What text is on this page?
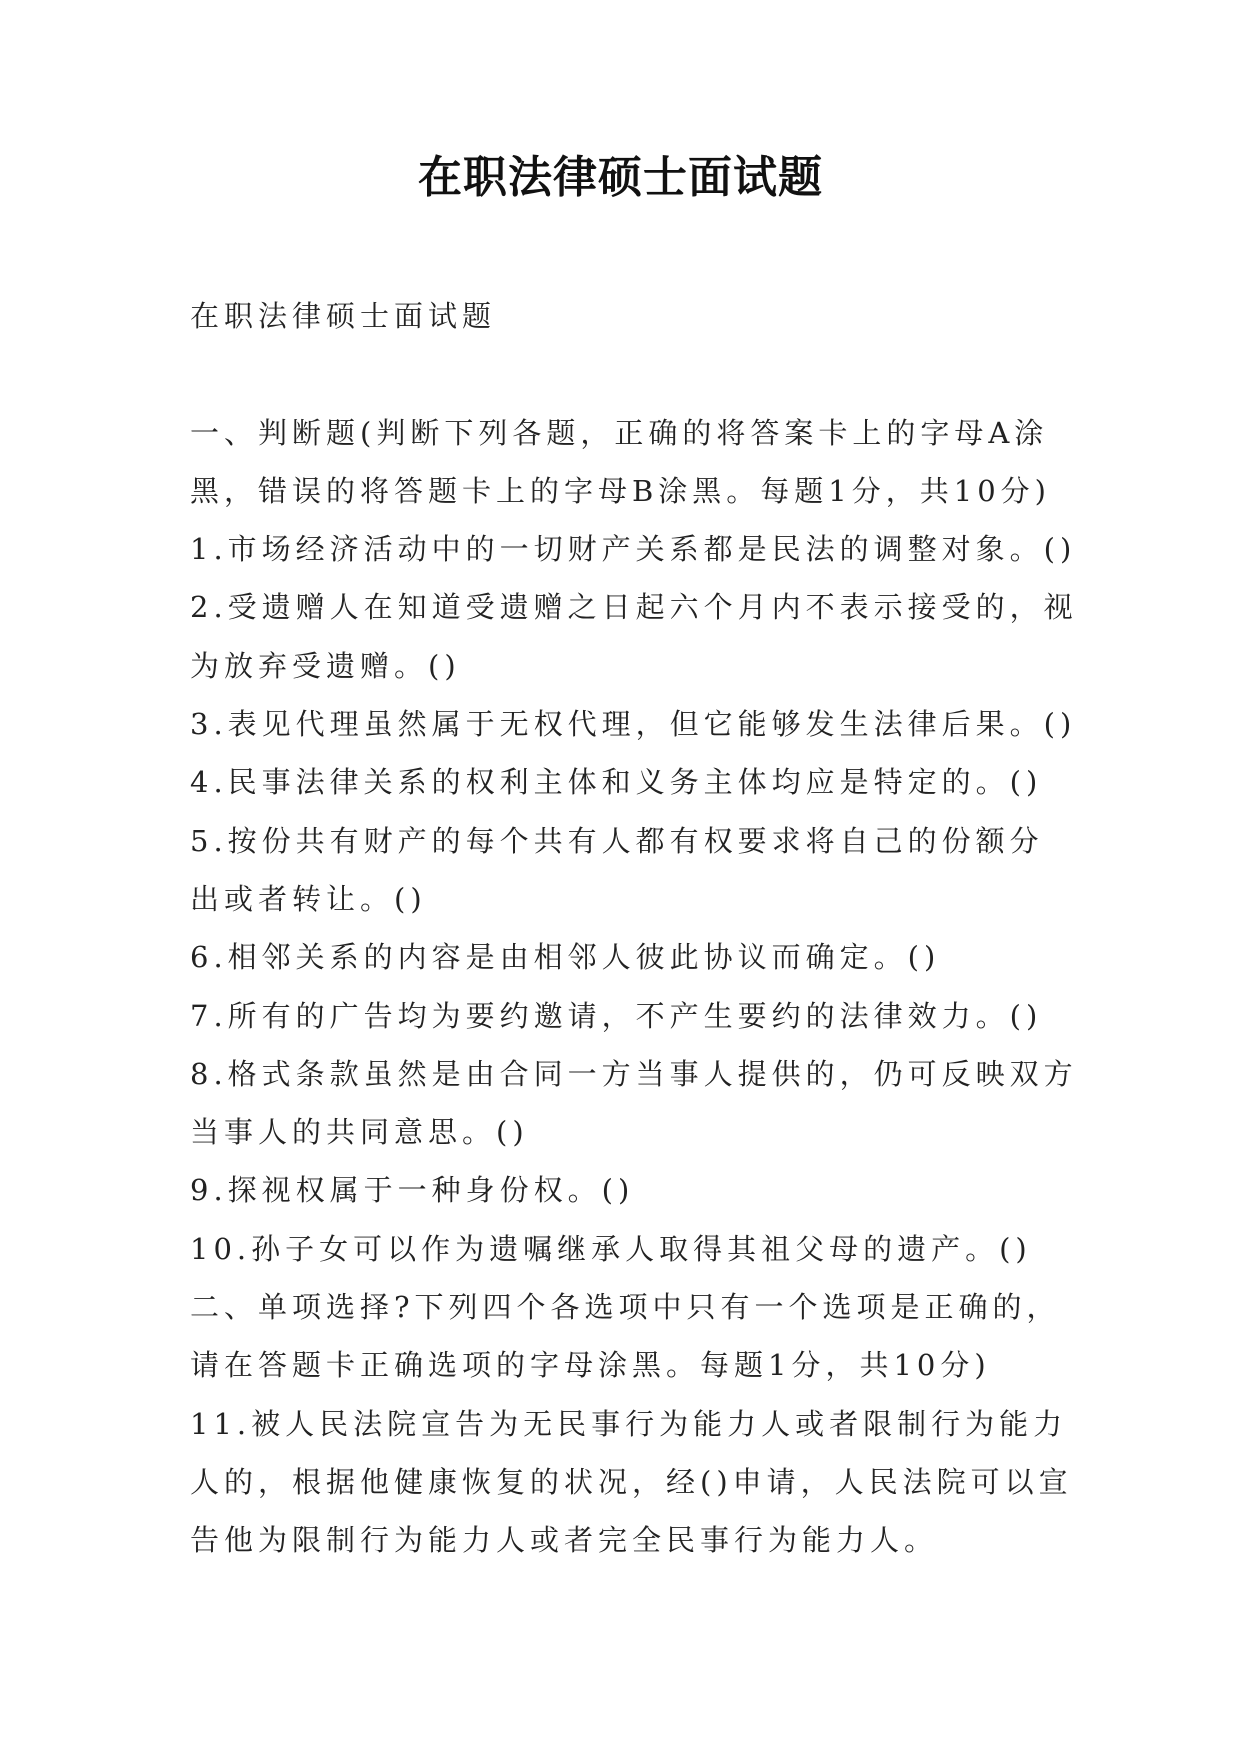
在职法律硕士面试题
在职法律硕士面试题
一、判断题(判断下列各题，正确的将答案卡上的字母A涂
黑，错误的将答题卡上的字母B涂黑。每题1分，共10分)
1.市场经济活动中的一切财产关系都是民法的调整对象。()
2.受遗赠人在知道受遗赠之日起六个月内不表示接受的，视
为放弃受遗赠。()
3.表见代理虽然属于无权代理，但它能够发生法律后果。()
4.民事法律关系的权利主体和义务主体均应是特定的。()
5.按份共有财产的每个共有人都有权要求将自己的份额分
出或者转让。()
6.相邻关系的内容是由相邻人彼此协议而确定。()
7.所有的广告均为要约邀请，不产生要约的法律效力。()
8.格式条款虽然是由合同一方当事人提供的，仍可反映双方
当事人的共同意思。()
9.探视权属于一种身份权。()
10.孙子女可以作为遗嘱继承人取得其祖父母的遗产。()
二、单项选择?下列四个各选项中只有一个选项是正确的，
请在答题卡正确选项的字母涂黑。每题1分，共10分)
11.被人民法院宣告为无民事行为能力人或者限制行为能力
人的，根据他健康恢复的状况，经()申请，人民法院可以宣
告他为限制行为能力人或者完全民事行为能力人。
